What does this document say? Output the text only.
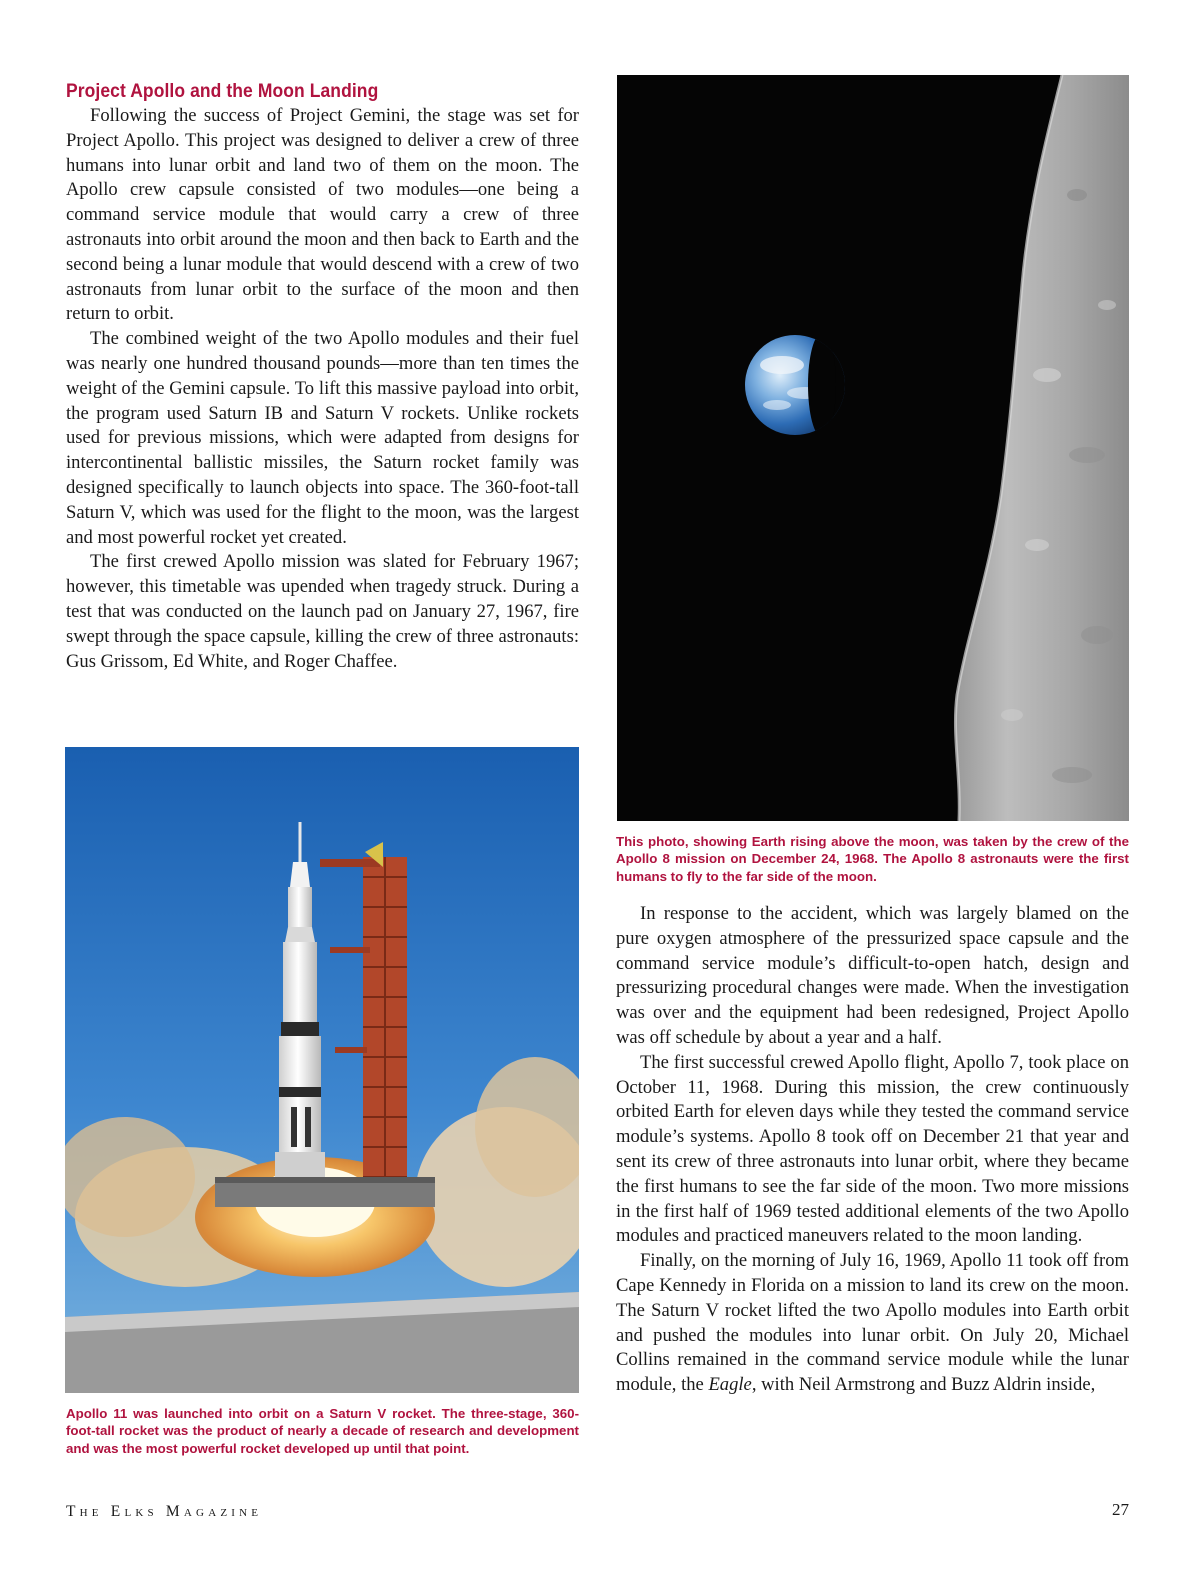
Project Apollo and the Moon Landing

Following the success of Project Gemini, the stage was set for Project Apollo. This project was designed to deliver a crew of three humans into lunar orbit and land two of them on the moon. The Apollo crew capsule consisted of two modules—one being a command service module that would carry a crew of three astronauts into orbit around the moon and then back to Earth and the second being a lunar module that would descend with a crew of two astronauts from lunar orbit to the surface of the moon and then return to orbit.

The combined weight of the two Apollo modules and their fuel was nearly one hundred thousand pounds—more than ten times the weight of the Gemini capsule. To lift this massive payload into orbit, the program used Saturn IB and Saturn V rockets. Unlike rockets used for previous missions, which were adapted from designs for intercontinental ballistic missiles, the Saturn rocket family was designed specifically to launch objects into space. The 360-foot-tall Saturn V, which was used for the flight to the moon, was the largest and most powerful rocket yet created.

The first crewed Apollo mission was slated for February 1967; however, this timetable was upended when tragedy struck. During a test that was conducted on the launch pad on January 27, 1967, fire swept through the space capsule, killing the crew of three astronauts: Gus Grissom, Ed White, and Roger Chaffee.

This photo, showing Earth rising above the moon, was taken by the crew of the Apollo 8 mission on December 24, 1968. The Apollo 8 astronauts were the first humans to fly to the far side of the moon.
Apollo 11 was launched into orbit on a Saturn V rocket. The three-stage, 360-foot-tall rocket was the product of nearly a decade of research and development and was the most powerful rocket developed up until that point.

In response to the accident, which was largely blamed on the pure oxygen atmosphere of the pressurized space capsule and the command service module’s difficult-to-open hatch, design and pressurizing procedural changes were made. When the investigation was over and the equipment had been redesigned, Project Apollo was off schedule by about a year and a half.

The first successful crewed Apollo flight, Apollo 7, took place on October 11, 1968. During this mission, the crew continuously orbited Earth for eleven days while they tested the command service module’s systems. Apollo 8 took off on December 21 that year and sent its crew of three astronauts into lunar orbit, where they became the first humans to see the far side of the moon. Two more missions in the first half of 1969 tested additional elements of the two Apollo modules and practiced maneuvers related to the moon landing.

Finally, on the morning of July 16, 1969, Apollo 11 took off from Cape Kennedy in Florida on a mission to land its crew on the moon. The Saturn V rocket lifted the two Apollo modules into Earth orbit and pushed the modules into lunar orbit. On July 20, Michael Collins remained in the command service module while the lunar module, the Eagle, with Neil Armstrong and Buzz Aldrin inside,

The Elks Magazine	27
